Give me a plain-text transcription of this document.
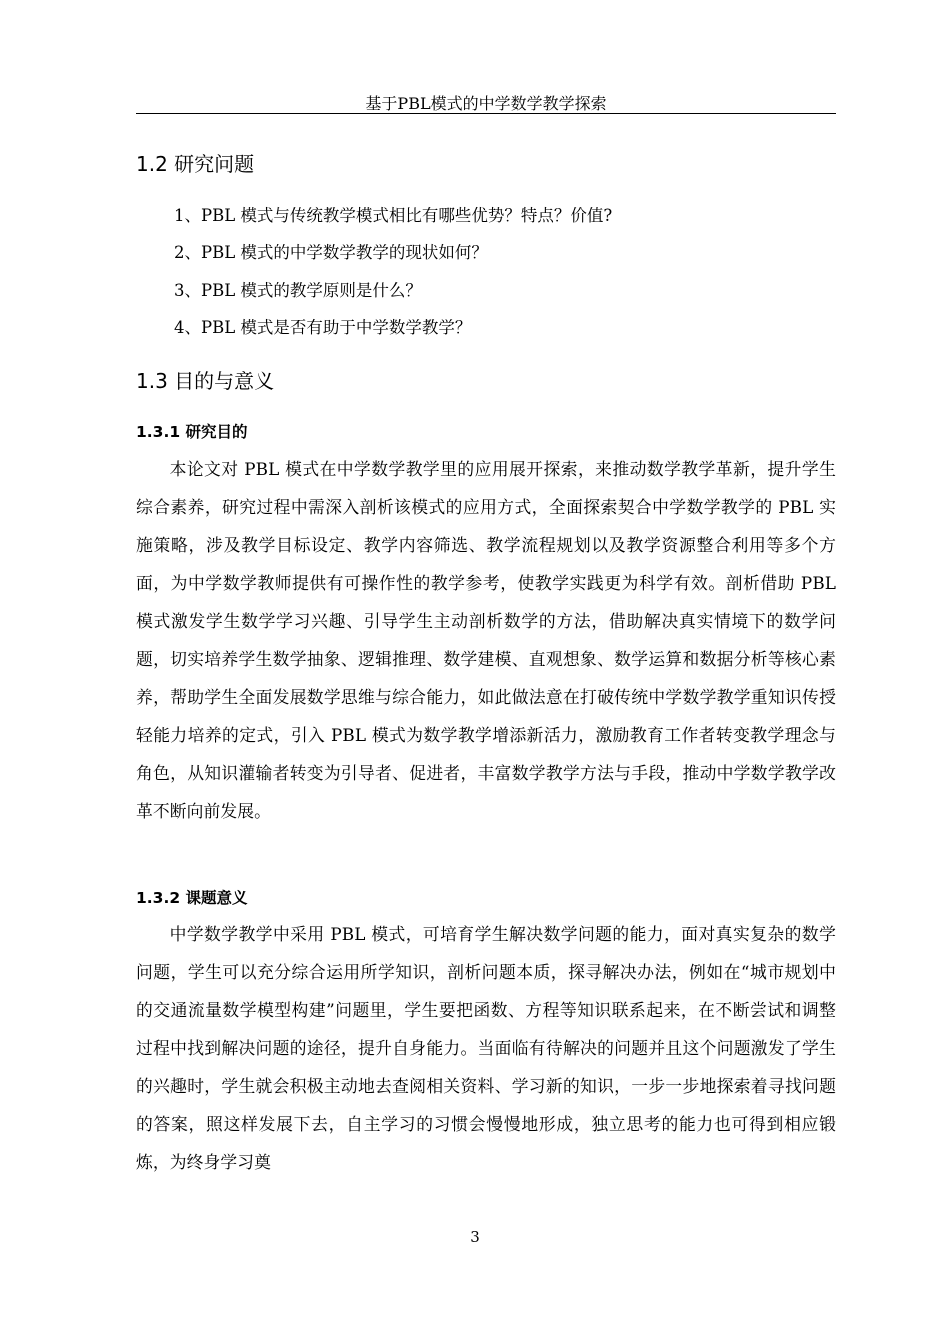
基于PBL模式的中学数学教学探索
1.2 研究问题
1、PBL 模式与传统教学模式相比有哪些优势？特点？价值?
2、PBL 模式的中学数学教学的现状如何？
3、PBL 模式的教学原则是什么？
4、PBL 模式是否有助于中学数学教学？
1.3 目的与意义
1.3.1 研究目的

本论文对 PBL 模式在中学数学教学里的应用展开探索，来推动数学教学革新，提升学生综合素养，研究过程中需深入剖析该模式的应用方式，全面探索契合中学数学教学的 PBL 实施策略，涉及教学目标设定、教学内容筛选、教学流程规划以及教学资源整合利用等多个方面，为中学数学教师提供有可操作性的教学参考，使教学实践更为科学有效。剖析借助 PBL 模式激发学生数学学习兴趣、引导学生主动剖析数学的方法，借助解决真实情境下的数学问题，切实培养学生数学抽象、逻辑推理、数学建模、直观想象、数学运算和数据分析等核心素养，帮助学生全面发展数学思维与综合能力，如此做法意在打破传统中学数学教学重知识传授轻能力培养的定式，引入 PBL 模式为数学教学增添新活力，激励教育工作者转变教学理念与角色，从知识灌输者转变为引导者、促进者，丰富数学教学方法与手段，推动中学数学教学改革不断向前发展。

1.3.2 课题意义

中学数学教学中采用 PBL 模式，可培育学生解决数学问题的能力，面对真实复杂的数学问题，学生可以充分综合运用所学知识，剖析问题本质，探寻解决办法，例如在“城市规划中的交通流量数学模型构建”问题里，学生要把函数、方程等知识联系起来，在不断尝试和调整过程中找到解决问题的途径，提升自身能力。当面临有待解决的问题并且这个问题激发了学生的兴趣时，学生就会积极主动地去查阅相关资料、学习新的知识，一步一步地探索着寻找问题的答案，照这样发展下去，自主学习的习惯会慢慢地形成，独立思考的能力也可得到相应锻炼，为终身学习奠

3
